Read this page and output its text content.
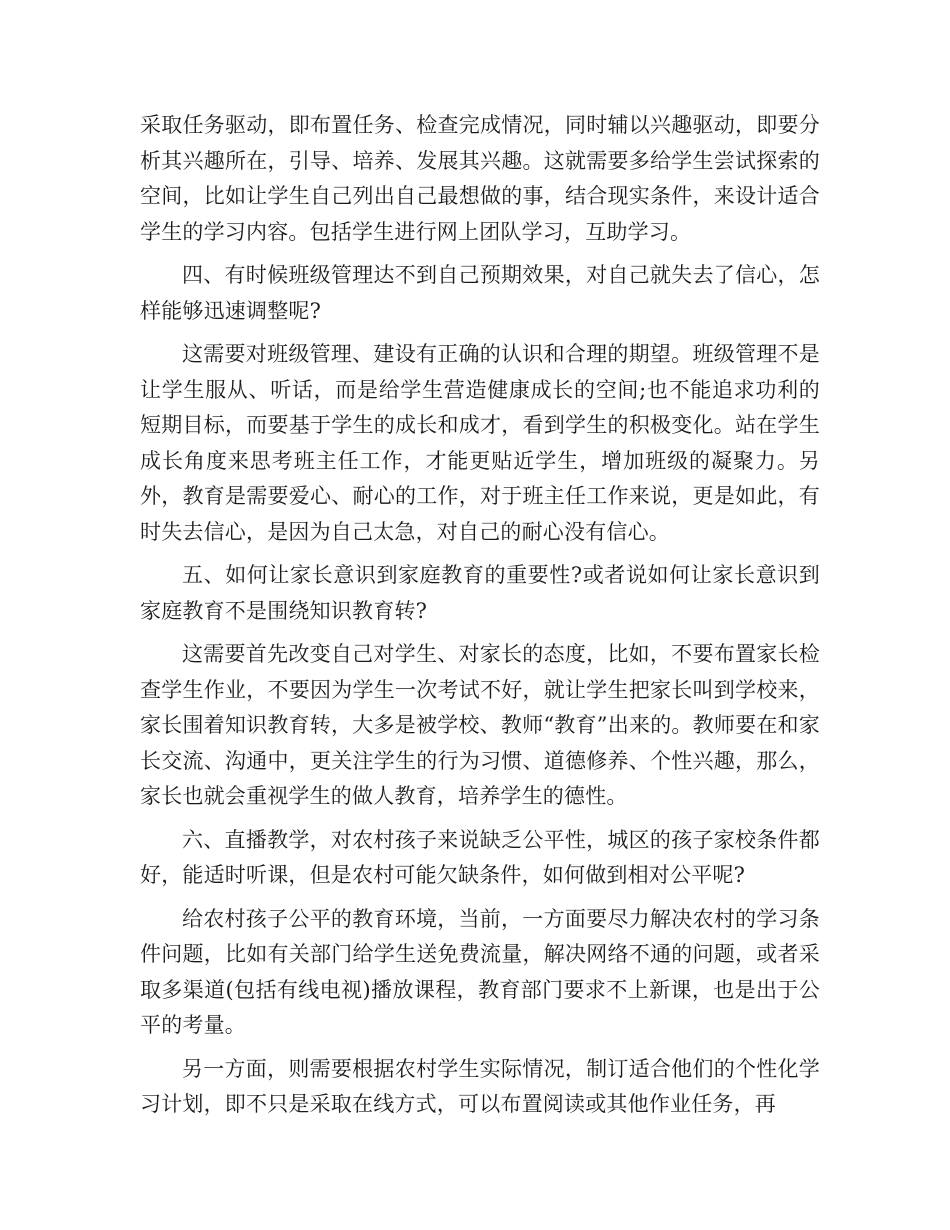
采取任务驱动，即布置任务、检查完成情况，同时辅以兴趣驱动，即要分析其兴趣所在，引导、培养、发展其兴趣。这就需要多给学生尝试探索的空间，比如让学生自己列出自己最想做的事，结合现实条件，来设计适合学生的学习内容。包括学生进行网上团队学习，互助学习。

四、有时候班级管理达不到自己预期效果，对自己就失去了信心，怎样能够迅速调整呢?

这需要对班级管理、建设有正确的认识和合理的期望。班级管理不是让学生服从、听话，而是给学生营造健康成长的空间;也不能追求功利的短期目标，而要基于学生的成长和成才，看到学生的积极变化。站在学生成长角度来思考班主任工作，才能更贴近学生，增加班级的凝聚力。另外，教育是需要爱心、耐心的工作，对于班主任工作来说，更是如此，有时失去信心，是因为自己太急，对自己的耐心没有信心。

五、如何让家长意识到家庭教育的重要性?或者说如何让家长意识到家庭教育不是围绕知识教育转?

这需要首先改变自己对学生、对家长的态度，比如，不要布置家长检查学生作业，不要因为学生一次考试不好，就让学生把家长叫到学校来，家长围着知识教育转，大多是被学校、教师“教育”出来的。教师要在和家长交流、沟通中，更关注学生的行为习惯、道德修养、个性兴趣，那么，家长也就会重视学生的做人教育，培养学生的德性。

六、直播教学，对农村孩子来说缺乏公平性，城区的孩子家校条件都好，能适时听课，但是农村可能欠缺条件，如何做到相对公平呢?

给农村孩子公平的教育环境，当前，一方面要尽力解决农村的学习条件问题，比如有关部门给学生送免费流量，解决网络不通的问题，或者采取多渠道(包括有线电视)播放课程，教育部门要求不上新课，也是出于公平的考量。

另一方面，则需要根据农村学生实际情况，制订适合他们的个性化学习计划，即不只是采取在线方式，可以布置阅读或其他作业任务，再
